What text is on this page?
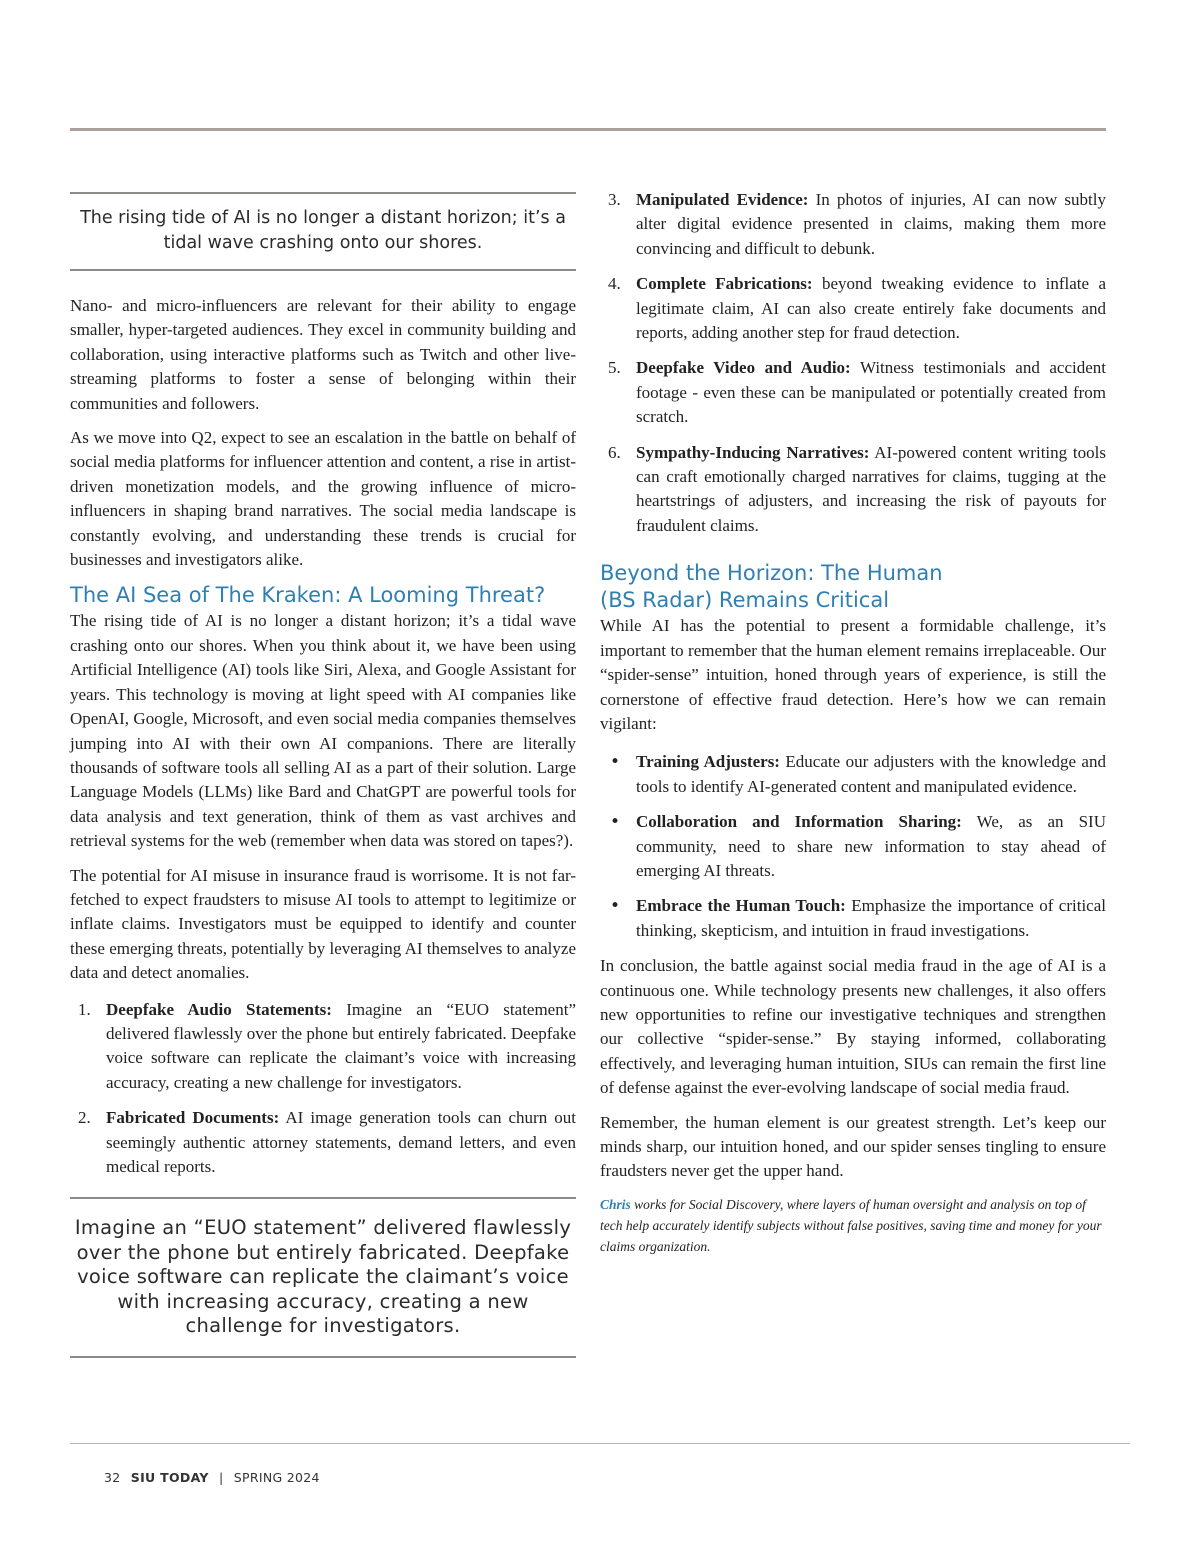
The rising tide of AI is no longer a distant horizon; it’s a tidal wave crashing onto our shores.

Nano- and micro-influencers are relevant for their ability to engage smaller, hyper-targeted audiences. They excel in community building and collaboration, using interactive platforms such as Twitch and other live-streaming platforms to foster a sense of belonging within their communities and followers.

As we move into Q2, expect to see an escalation in the battle on behalf of social media platforms for influencer attention and content, a rise in artist-driven monetization models, and the growing influence of micro-influencers in shaping brand narratives. The social media landscape is constantly evolving, and understanding these trends is crucial for businesses and investigators alike.

The AI Sea of The Kraken: A Looming Threat?

The rising tide of AI is no longer a distant horizon; it’s a tidal wave crashing onto our shores. When you think about it, we have been using Artificial Intelligence (AI) tools like Siri, Alexa, and Google Assistant for years. This technology is moving at light speed with AI companies like OpenAI, Google, Microsoft, and even social media companies themselves jumping into AI with their own AI companions. There are literally thousands of software tools all selling AI as a part of their solution. Large Language Models (LLMs) like Bard and ChatGPT are powerful tools for data analysis and text generation, think of them as vast archives and retrieval systems for the web (remember when data was stored on tapes?).

The potential for AI misuse in insurance fraud is worrisome. It is not far-fetched to expect fraudsters to misuse AI tools to attempt to legitimize or inflate claims. Investigators must be equipped to identify and counter these emerging threats, potentially by leveraging AI themselves to analyze data and detect anomalies.

1. Deepfake Audio Statements: Imagine an “EUO statement” delivered flawlessly over the phone but entirely fabricated. Deepfake voice software can replicate the claimant’s voice with increasing accuracy, creating a new challenge for investigators.
2. Fabricated Documents: AI image generation tools can churn out seemingly authentic attorney statements, demand letters, and even medical reports.
Imagine an “EUO statement” delivered flawlessly over the phone but entirely fabricated. Deepfake voice software can replicate the claimant’s voice with increasing accuracy, creating a new challenge for investigators.
3. Manipulated Evidence: In photos of injuries, AI can now subtly alter digital evidence presented in claims, making them more convincing and difficult to debunk.
4. Complete Fabrications: beyond tweaking evidence to inflate a legitimate claim, AI can also create entirely fake documents and reports, adding another step for fraud detection.
5. Deepfake Video and Audio: Witness testimonials and accident footage - even these can be manipulated or potentially created from scratch.
6. Sympathy-Inducing Narratives: AI-powered content writing tools can craft emotionally charged narratives for claims, tugging at the heartstrings of adjusters, and increasing the risk of payouts for fraudulent claims.
Beyond the Horizon: The Human
(BS Radar) Remains Critical

While AI has the potential to present a formidable challenge, it’s important to remember that the human element remains irreplaceable. Our “spider-sense” intuition, honed through years of experience, is still the cornerstone of effective fraud detection. Here’s how we can remain vigilant:

• Training Adjusters: Educate our adjusters with the knowledge and tools to identify AI-generated content and manipulated evidence.
• Collaboration and Information Sharing: We, as an SIU community, need to share new information to stay ahead of emerging AI threats.
• Embrace the Human Touch: Emphasize the importance of critical thinking, skepticism, and intuition in fraud investigations.

In conclusion, the battle against social media fraud in the age of AI is a continuous one. While technology presents new challenges, it also offers new opportunities to refine our investigative techniques and strengthen our collective “spider-sense.” By staying informed, collaborating effectively, and leveraging human intuition, SIUs can remain the first line of defense against the ever-evolving landscape of social media fraud.

Remember, the human element is our greatest strength. Let’s keep our minds sharp, our intuition honed, and our spider senses tingling to ensure fraudsters never get the upper hand.

Chris works for Social Discovery, where layers of human oversight and analysis on top of tech help accurately identify subjects without false positives, saving time and money for your claims organization.
32 SIU TODAY | SPRING 2024
